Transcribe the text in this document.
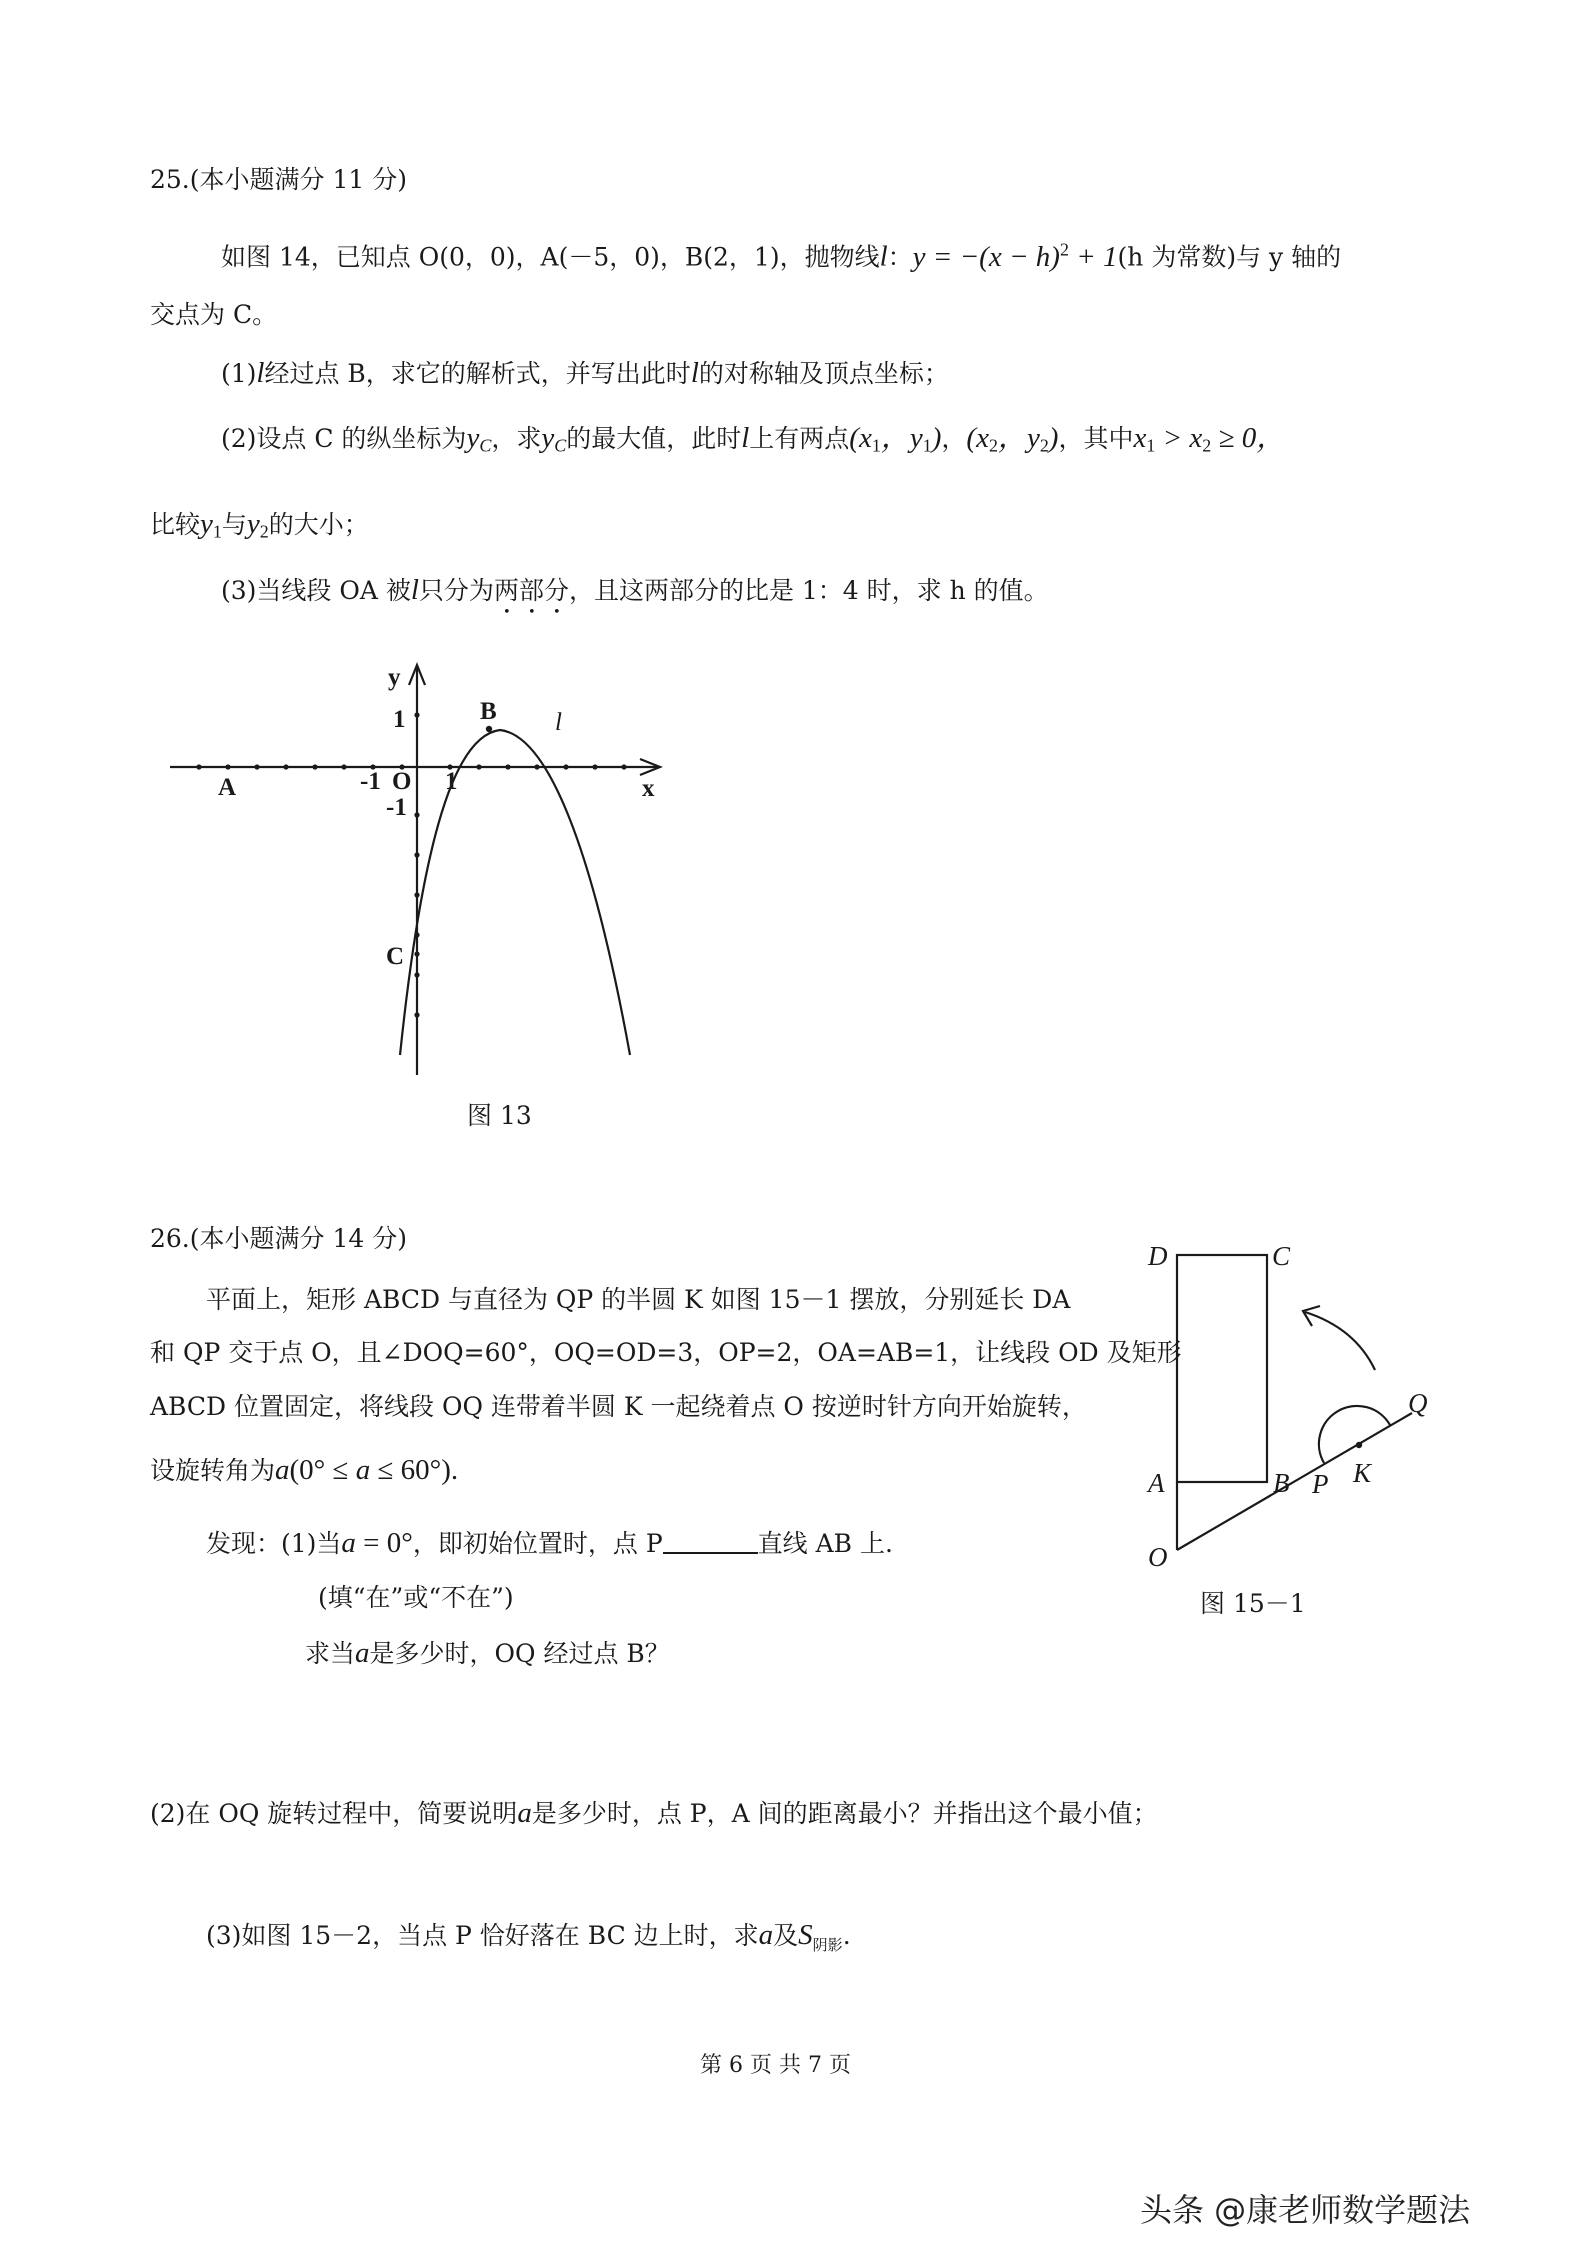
25.(本小题满分 11 分)
如图 14，已知点 O(0，0)，A(－5，0)，B(2，1)，抛物线l：$y = -(x - h)^2 + 1(h$ 为常数)与 y 轴的
交点为 C。
(1)l经过点 B，求它的解析式，并写出此时l的对称轴及顶点坐标；
(2)设点 C 的纵坐标为$y_C$，求$y_C$的最大值，此时l上有两点($x_1$，$y_1$)，($x_2$，$y_2$)，其中$x_1 > x_2 \ge 0$，
比较$y_1$与$y_2$的大小；
(3)当线段 OA 被l只分为两部分，且这两部分的比是 1：4 时，求 h 的值。
y
x
1
-1 O 1
-1
A
B
C
l
图 13
26.(本小题满分 14 分)
平面上，矩形 ABCD 与直径为 QP 的半圆 K 如图 15－1 摆放，分别延长 DA
和 QP 交于点 O，且∠DOQ=60°，OQ=OD=3，OP=2，OA=AB=1，让线段 OD 及矩形
ABCD 位置固定，将线段 OQ 连带着半圆 K 一起绕着点 O 按逆时针方向开始旋转，
设旋转角为a(0° ≤ a ≤ 60°).
发现：(1)当a = 0°，即初始位置时，点 P	直线 AB 上.
(填“在”或“不在”)
求当a是多少时，OQ 经过点 B？
(2)在 OQ 旋转过程中，简要说明a是多少时，点 P，A 间的距离最小？并指出这个最小值；
(3)如图 15－2，当点 P 恰好落在 BC 边上时，求a及$S_{阴影}$.
D	C
A	B
O
P K
Q
图 15－1
第 6 页 共 7 页
头条 @康老师数学题法
